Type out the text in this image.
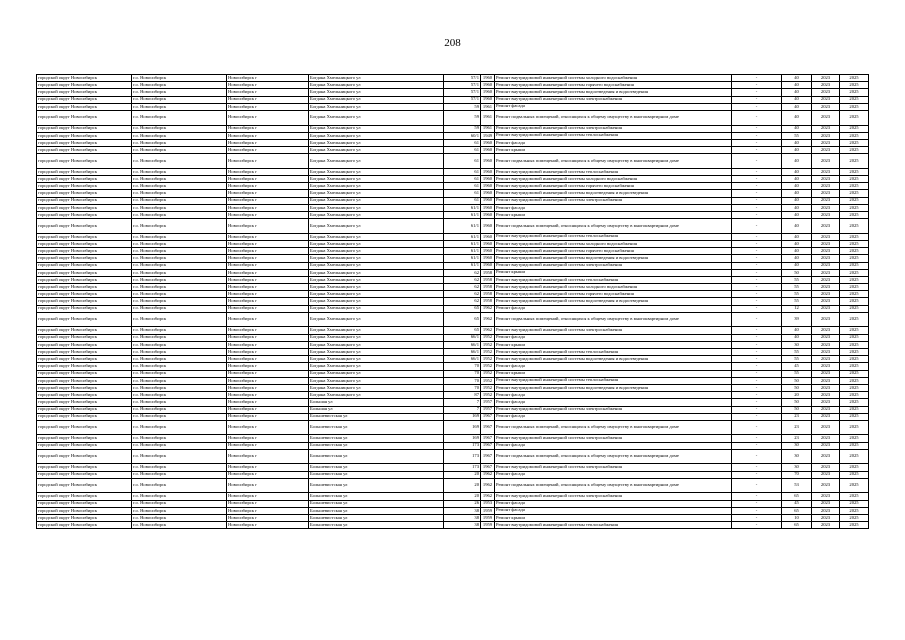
208
городской округ Новосибирск	г.о. Новосибирск	Новосибирск г	Богдана Хмельницкого ул	57/1	1960	Ремонт внутридомовой инженерной системы холодного водоснабжения	-	40	2023	2025
городской округ Новосибирск	г.о. Новосибирск	Новосибирск г	Богдана Хмельницкого ул	57/1	1960	Ремонт внутридомовой инженерной системы горячего водоснабжения	-	40	2023	2025
городской округ Новосибирск	г.о. Новосибирск	Новосибирск г	Богдана Хмельницкого ул	57/1	1960	Ремонт внутридомовой инженерной системы водоотведения и водоотведения	-	40	2023	2025
городской округ Новосибирск	г.о. Новосибирск	Новосибирск г	Богдана Хмельницкого ул	57/1	1960	Ремонт внутридомовой инженерной системы электроснабжения	-	40	2023	2025
городской округ Новосибирск	г.о. Новосибирск	Новосибирск г	Богдана Хмельницкого ул	59	1961	Ремонт фасада	-	40	2023	2025
городской округ Новосибирск	г.о. Новосибирск	Новосибирск г	Богдана Хмельницкого ул	59	1961	Ремонт подвальных помещений, относящихся к общему имуществу в многоквартирном доме	-	40	2023	2025
городской округ Новосибирск	г.о. Новосибирск	Новосибирск г	Богдана Хмельницкого ул	59	1961	Ремонт внутридомовой инженерной системы электроснабжения	-	40	2023	2025
городской округ Новосибирск	г.о. Новосибирск	Новосибирск г	Богдана Хмельницкого ул	60/1	1949	Ремонт внутридомовой инженерной системы теплоснабжения	-	55	2023	2025
городской округ Новосибирск	г.о. Новосибирск	Новосибирск г	Богдана Хмельницкого ул	61	1960	Ремонт фасада	-	40	2023	2025
городской округ Новосибирск	г.о. Новосибирск	Новосибирск г	Богдана Хмельницкого ул	61	1960	Ремонт крыши	-	40	2023	2025
городской округ Новосибирск	г.о. Новосибирск	Новосибирск г	Богдана Хмельницкого ул	61	1960	Ремонт подвальных помещений, относящихся к общему имуществу в многоквартирном доме	-	40	2023	2025
городской округ Новосибирск	г.о. Новосибирск	Новосибирск г	Богдана Хмельницкого ул	61	1960	Ремонт внутридомовой инженерной системы теплоснабжения	-	40	2023	2025
городской округ Новосибирск	г.о. Новосибирск	Новосибирск г	Богдана Хмельницкого ул	61	1960	Ремонт внутридомовой инженерной системы холодного водоснабжения	-	40	2023	2025
городской округ Новосибирск	г.о. Новосибирск	Новосибирск г	Богдана Хмельницкого ул	61	1960	Ремонт внутридомовой инженерной системы горячего водоснабжения	-	40	2023	2025
городской округ Новосибирск	г.о. Новосибирск	Новосибирск г	Богдана Хмельницкого ул	61	1960	Ремонт внутридомовой инженерной системы водоотведения и водоотведения	-	40	2023	2025
городской округ Новосибирск	г.о. Новосибирск	Новосибирск г	Богдана Хмельницкого ул	61	1960	Ремонт внутридомовой инженерной системы электроснабжения	-	40	2023	2025
городской округ Новосибирск	г.о. Новосибирск	Новосибирск г	Богдана Хмельницкого ул	61/1	1960	Ремонт фасада	-	40	2023	2025
городской округ Новосибирск	г.о. Новосибирск	Новосибирск г	Богдана Хмельницкого ул	61/1	1960	Ремонт крыши	-	40	2023	2025
городской округ Новосибирск	г.о. Новосибирск	Новосибирск г	Богдана Хмельницкого ул	61/1	1960	Ремонт подвальных помещений, относящихся к общему имуществу в многоквартирном доме	-	40	2023	2025
городской округ Новосибирск	г.о. Новосибирск	Новосибирск г	Богдана Хмельницкого ул	61/1	1960	Ремонт внутридомовой инженерной системы теплоснабжения	-	40	2023	2025
городской округ Новосибирск	г.о. Новосибирск	Новосибирск г	Богдана Хмельницкого ул	61/1	1960	Ремонт внутридомовой инженерной системы холодного водоснабжения	-	40	2023	2025
городской округ Новосибирск	г.о. Новосибирск	Новосибирск г	Богдана Хмельницкого ул	61/1	1960	Ремонт внутридомовой инженерной системы горячего водоснабжения	-	40	2023	2025
городской округ Новосибирск	г.о. Новосибирск	Новосибирск г	Богдана Хмельницкого ул	61/1	1960	Ремонт внутридомовой инженерной системы водоотведения и водоотведения	-	40	2023	2025
городской округ Новосибирск	г.о. Новосибирск	Новосибирск г	Богдана Хмельницкого ул	61/1	1960	Ремонт внутридомовой инженерной системы электроснабжения	-	40	2023	2025
городской округ Новосибирск	г.о. Новосибирск	Новосибирск г	Богдана Хмельницкого ул	62	1958	Ремонт крыши	-	50	2023	2025
городской округ Новосибирск	г.о. Новосибирск	Новосибирск г	Богдана Хмельницкого ул	62	1958	Ремонт внутридомовой инженерной системы теплоснабжения	-	55	2023	2025
городской округ Новосибирск	г.о. Новосибирск	Новосибирск г	Богдана Хмельницкого ул	62	1958	Ремонт внутридомовой инженерной системы холодного водоснабжения	-	55	2023	2025
городской округ Новосибирск	г.о. Новосибирск	Новосибирск г	Богдана Хмельницкого ул	62	1958	Ремонт внутридомовой инженерной системы горячего водоснабжения	-	55	2023	2025
городской округ Новосибирск	г.о. Новосибирск	Новосибирск г	Богдана Хмельницкого ул	62	1958	Ремонт внутридомовой инженерной системы водоотведения и водоотведения	-	55	2023	2025
городской округ Новосибирск	г.о. Новосибирск	Новосибирск г	Богдана Хмельницкого ул	65	1962	Ремонт фасада	-	12	2023	2025
городской округ Новосибирск	г.о. Новосибирск	Новосибирск г	Богдана Хмельницкого ул	65	1962	Ремонт подвальных помещений, относящихся к общему имуществу в многоквартирном доме	-	39	2023	2025
городской округ Новосибирск	г.о. Новосибирск	Новосибирск г	Богдана Хмельницкого ул	65	1962	Ремонт внутридомовой инженерной системы электроснабжения	-	40	2023	2025
городской округ Новосибирск	г.о. Новосибирск	Новосибирск г	Богдана Хмельницкого ул	66/1	1952	Ремонт фасада	-	40	2023	2025
городской округ Новосибирск	г.о. Новосибирск	Новосибирск г	Богдана Хмельницкого ул	66/1	1952	Ремонт крыши	-	30	2023	2025
городской округ Новосибирск	г.о. Новосибирск	Новосибирск г	Богдана Хмельницкого ул	66/1	1952	Ремонт внутридомовой инженерной системы теплоснабжения	-	55	2023	2025
городской округ Новосибирск	г.о. Новосибирск	Новосибирск г	Богдана Хмельницкого ул	66/1	1952	Ремонт внутридомовой инженерной системы водоотведения и водоотведения	-	55	2023	2025
городской округ Новосибирск	г.о. Новосибирск	Новосибирск г	Богдана Хмельницкого ул	70	1952	Ремонт фасада	-	45	2023	2025
городской округ Новосибирск	г.о. Новосибирск	Новосибирск г	Богдана Хмельницкого ул	70	1952	Ремонт крыши	-	55	2023	2025
городской округ Новосибирск	г.о. Новосибирск	Новосибирск г	Богдана Хмельницкого ул	70	1952	Ремонт внутридомовой инженерной системы теплоснабжения	-	50	2023	2025
городской округ Новосибирск	г.о. Новосибирск	Новосибирск г	Богдана Хмельницкого ул	70	1952	Ремонт внутридомовой инженерной системы водоотведения и водоотведения	-	50	2023	2025
городской округ Новосибирск	г.о. Новосибирск	Новосибирск г	Богдана Хмельницкого ул	87	1952	Ремонт фасада	-	20	2023	2025
городской округ Новосибирск	г.о. Новосибирск	Новосибирск г	Большая ул	7	1957	Ремонт фасада	-	50	2023	2025
городской округ Новосибирск	г.о. Новосибирск	Новосибирск г	Большая ул	7	1957	Ремонт внутридомовой инженерной системы электроснабжения	-	50	2023	2025
городской округ Новосибирск	г.о. Новосибирск	Новосибирск г	Большевистская ул	169	1967	Ремонт фасада	-	23	2023	2025
городской округ Новосибирск	г.о. Новосибирск	Новосибирск г	Большевистская ул	169	1967	Ремонт подвальных помещений, относящихся к общему имуществу в многоквартирном доме	-	23	2023	2025
городской округ Новосибирск	г.о. Новосибирск	Новосибирск г	Большевистская ул	169	1967	Ремонт внутридомовой инженерной системы электроснабжения	-	23	2023	2025
городской округ Новосибирск	г.о. Новосибирск	Новосибирск г	Большевистская ул	173	1967	Ремонт фасада	-	30	2023	2025
городской округ Новосибирск	г.о. Новосибирск	Новосибирск г	Большевистская ул	173	1967	Ремонт подвальных помещений, относящихся к общему имуществу в многоквартирном доме	-	30	2023	2025
городской округ Новосибирск	г.о. Новосибирск	Новосибирск г	Большевистская ул	173	1967	Ремонт внутридомовой инженерной системы электроснабжения	-	30	2023	2025
городской округ Новосибирск	г.о. Новосибирск	Новосибирск г	Большевистская ул	20	1962	Ремонт фасада	-	70	2023	2025
городской округ Новосибирск	г.о. Новосибирск	Новосибирск г	Большевистская ул	20	1962	Ремонт подвальных помещений, относящихся к общему имуществу в многоквартирном доме	-	53	2023	2025
городской округ Новосибирск	г.о. Новосибирск	Новосибирск г	Большевистская ул	20	1962	Ремонт внутридомовой инженерной системы электроснабжения	-	65	2023	2025
городской округ Новосибирск	г.о. Новосибирск	Новосибирск г	Большевистская ул	26	1953	Ремонт фасада	-	45	2023	2025
городской округ Новосибирск	г.о. Новосибирск	Новосибирск г	Большевистская ул	38	1959	Ремонт фасада	-	65	2023	2025
городской округ Новосибирск	г.о. Новосибирск	Новосибирск г	Большевистская ул	38	1959	Ремонт крыши	-	10	2023	2025
городской округ Новосибирск	г.о. Новосибирск	Новосибирск г	Большевистская ул	38	1959	Ремонт внутридомовой инженерной системы теплоснабжения	-	65	2023	2025
